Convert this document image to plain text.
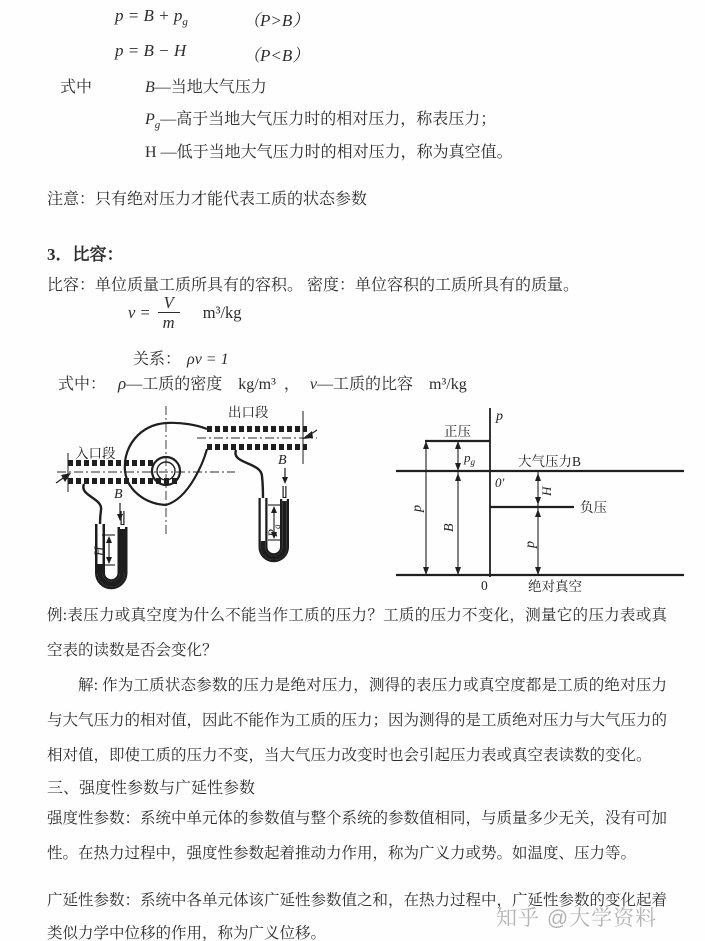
$p = B + p_g$	（P>B）
p = B − H	（P<B）
式中	B—当地大气压力
$P_g—$高于当地大气压力时的相对压力，称表压力；
H —低于当地大气压力时的相对压力，称为真空值。
注意：只有绝对压力才能代表工质的状态参数
3．比容：
比容：单位质量工质所具有的容积。 密度：单位容积的工质所具有的质量。
$v = \frac{V}{m} m^3/kg$
关系： ρv = 1
式中： ρ—工质的密度 kg/m³ ， v—工质的比容 m³/kg
入口段
出口段
B
H
B
$P_g$
p
正压
$p_g$	大气压力B
0′
H
负压
p
B
p
0	绝对真空

例:表压力或真空度为什么不能当作工质的压力？工质的压力不变化，测量它的压力表或真空表的读数是否会变化？

解: 作为工质状态参数的压力是绝对压力，测得的表压力或真空度都是工质的绝对压力与大气压力的相对值，因此不能作为工质的压力；因为测得的是工质绝对压力与大气压力的相对值，即使工质的压力不变，当大气压力改变时也会引起压力表或真空表读数的变化。

三、强度性参数与广延性参数

强度性参数：系统中单元体的参数值与整个系统的参数值相同，与质量多少无关，没有可加性。在热力过程中，强度性参数起着推动力作用，称为广义力或势。如温度、压力等。

广延性参数：系统中各单元体该广延性参数值之和，在热力过程中，广延性参数的变化起着类似力学中位移的作用，称为广义位移。

知乎 @大学资料
